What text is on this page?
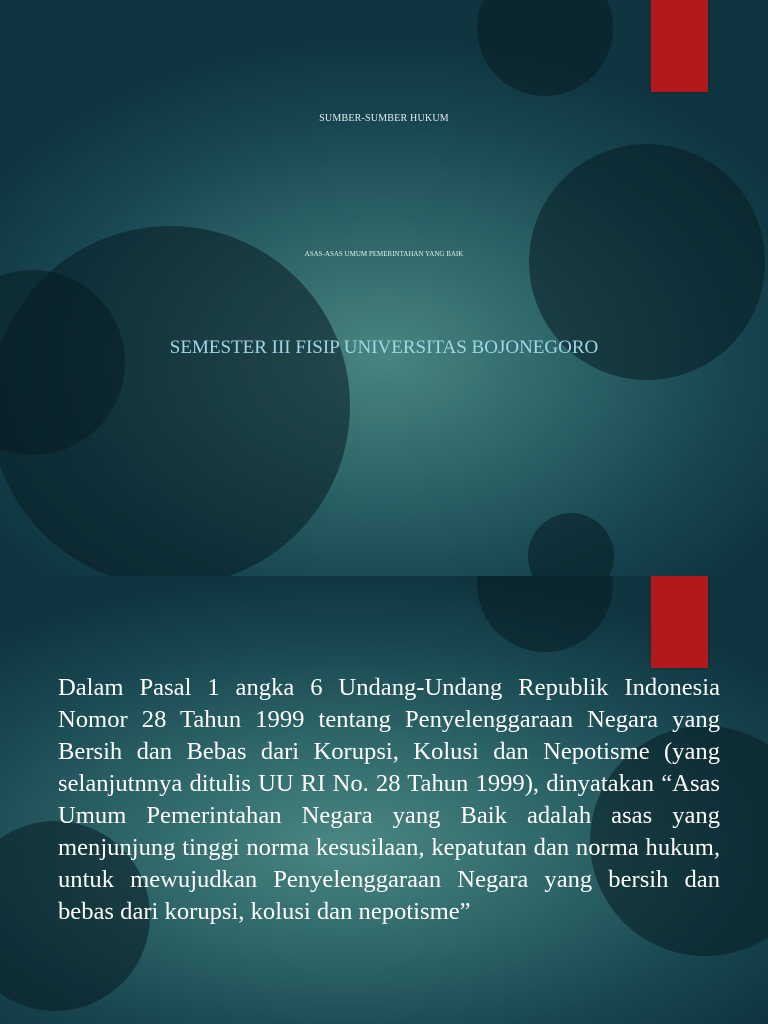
SUMBER-SUMBER HUKUM
ASAS-ASAS UMUM PEMERINTAHAN YANG BAIK
SEMESTER III FISIP UNIVERSITAS BOJONEGORO
Dalam Pasal 1 angka 6 Undang-Undang Republik Indonesia Nomor 28 Tahun 1999 tentang Penyelenggaraan Negara yang Bersih dan Bebas dari Korupsi, Kolusi dan Nepotisme (yang selanjutnnya ditulis UU RI No. 28 Tahun 1999), dinyatakan “Asas Umum Pemerintahan Negara yang Baik adalah asas yang menjunjung tinggi norma kesusilaan, kepatutan dan norma hukum, untuk mewujudkan Penyelenggaraan Negara yang bersih dan bebas dari korupsi, kolusi dan nepotisme”
